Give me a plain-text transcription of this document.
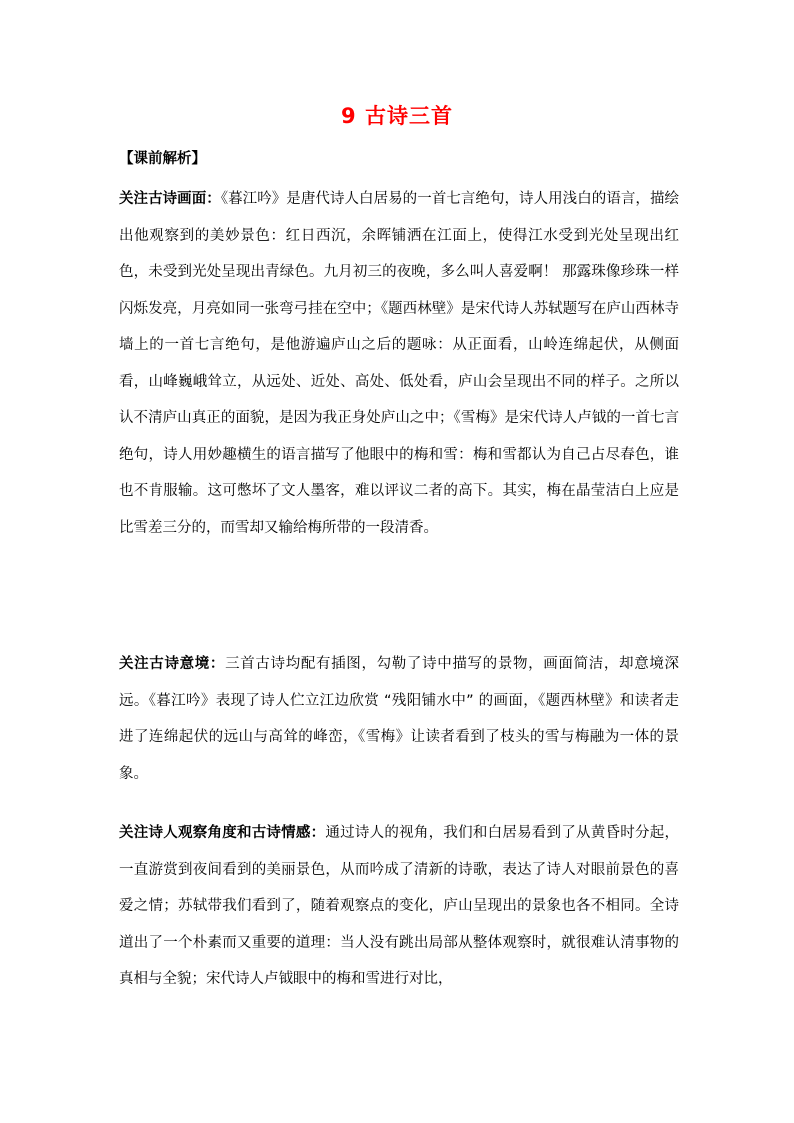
9 古诗三首
【课前解析】

关注古诗画面：《暮江吟》是唐代诗人白居易的一首七言绝句，诗人用浅白的语言，描绘出他观察到的美妙景色：红日西沉，余晖铺洒在江面上，使得江水受到光处呈现出红色，未受到光处呈现出青绿色。九月初三的夜晚，多么叫人喜爱啊！ 那露珠像珍珠一样闪烁发亮，月亮如同一张弯弓挂在空中；《题西林壁》是宋代诗人苏轼题写在庐山西林寺墙上的一首七言绝句，是他游遍庐山之后的题咏：从正面看，山岭连绵起伏，从侧面看，山峰巍峨耸立，从远处、近处、高处、低处看，庐山会呈现出不同的样子。之所以认不清庐山真正的面貌，是因为我正身处庐山之中；《雪梅》是宋代诗人卢钺的一首七言绝句，诗人用妙趣横生的语言描写了他眼中的梅和雪：梅和雪都认为自己占尽春色，谁也不肯服输。这可憋坏了文人墨客，难以评议二者的高下。其实，梅在晶莹洁白上应是比雪差三分的，而雪却又输给梅所带的一段清香。

关注古诗意境：三首古诗均配有插图，勾勒了诗中描写的景物，画面简洁，却意境深远。《暮江吟》表现了诗人伫立江边欣赏 “残阳铺水中” 的画面，《题西林壁》和读者走进了连绵起伏的远山与高耸的峰峦，《雪梅》让读者看到了枝头的雪与梅融为一体的景象。

关注诗人观察角度和古诗情感：通过诗人的视角，我们和白居易看到了从黄昏时分起，一直游赏到夜间看到的美丽景色，从而吟成了清新的诗歌，表达了诗人对眼前景色的喜爱之情；苏轼带我们看到了，随着观察点的变化，庐山呈现出的景象也各不相同。全诗道出了一个朴素而又重要的道理：当人没有跳出局部从整体观察时，就很难认清事物的真相与全貌；宋代诗人卢钺眼中的梅和雪进行对比，
